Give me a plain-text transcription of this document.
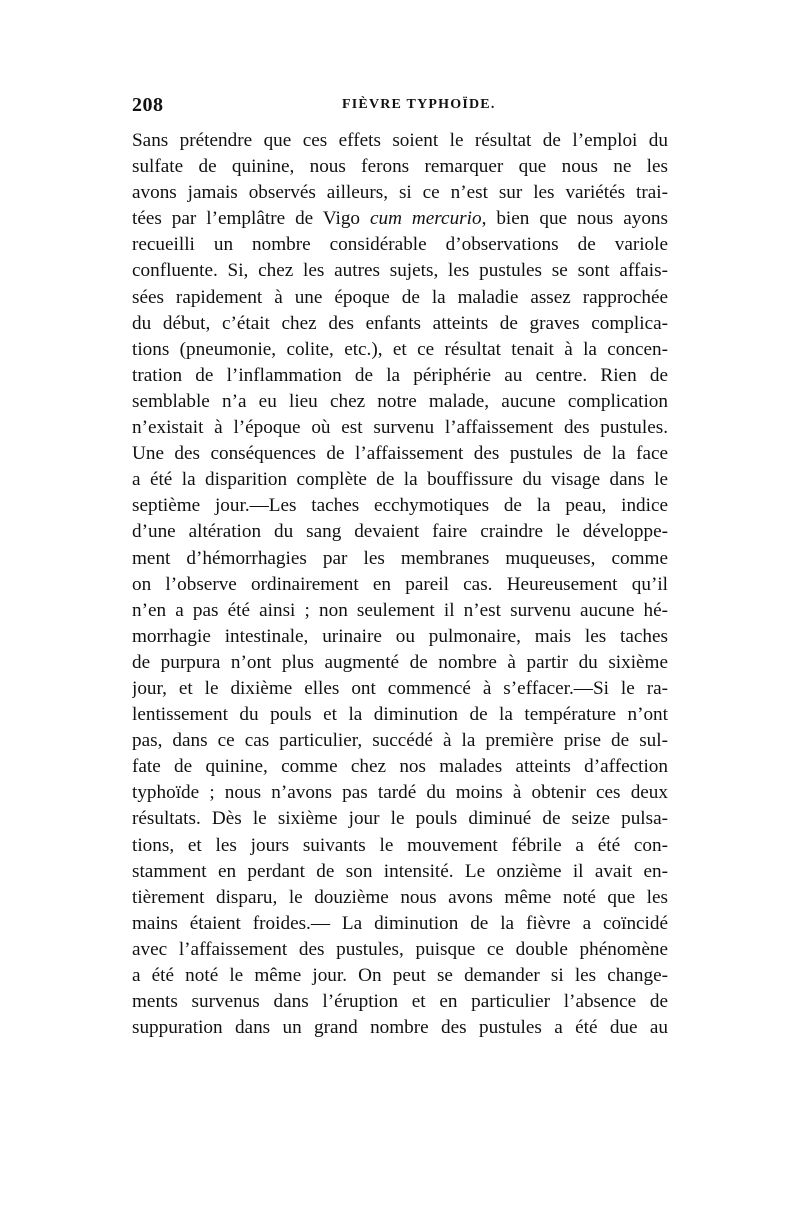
208	FIÈVRE TYPHOÏDE.
Sans prétendre que ces effets soient le résultat de l’emploi du
sulfate de quinine, nous ferons remarquer que nous ne les
avons jamais observés ailleurs, si ce n’est sur les variétés trai-
tées par l’emplâtre de Vigo cum mercurio, bien que nous ayons
recueilli un nombre considérable d’observations de variole
confluente. Si, chez les autres sujets, les pustules se sont affais-
sées rapidement à une époque de la maladie assez rapprochée
du début, c’était chez des enfants atteints de graves complica-
tions (pneumonie, colite, etc.), et ce résultat tenait à la concen-
tration de l’inflammation de la périphérie au centre. Rien de
semblable n’a eu lieu chez notre malade, aucune complication
n’existait à l’époque où est survenu l’affaissement des pustules.
Une des conséquences de l’affaissement des pustules de la face
a été la disparition complète de la bouffissure du visage dans le
septième jour.—Les taches ecchymotiques de la peau, indice
d’une altération du sang devaient faire craindre le développe-
ment d’hémorrhagies par les membranes muqueuses, comme
on l’observe ordinairement en pareil cas. Heureusement qu’il
n’en a pas été ainsi ; non seulement il n’est survenu aucune hé-
morrhagie intestinale, urinaire ou pulmonaire, mais les taches
de purpura n’ont plus augmenté de nombre à partir du sixième
jour, et le dixième elles ont commencé à s’effacer.—Si le ra-
lentissement du pouls et la diminution de la température n’ont
pas, dans ce cas particulier, succédé à la première prise de sul-
fate de quinine, comme chez nos malades atteints d’affection
typhoïde ; nous n’avons pas tardé du moins à obtenir ces deux
résultats. Dès le sixième jour le pouls diminué de seize pulsa-
tions, et les jours suivants le mouvement fébrile a été con-
stamment en perdant de son intensité. Le onzième il avait en-
tièrement disparu, le douzième nous avons même noté que les
mains étaient froides.— La diminution de la fièvre a coïncidé
avec l’affaissement des pustules, puisque ce double phénomène
a été noté le même jour. On peut se demander si les change-
ments survenus dans l’éruption et en particulier l’absence de
suppuration dans un grand nombre des pustules a été due au
